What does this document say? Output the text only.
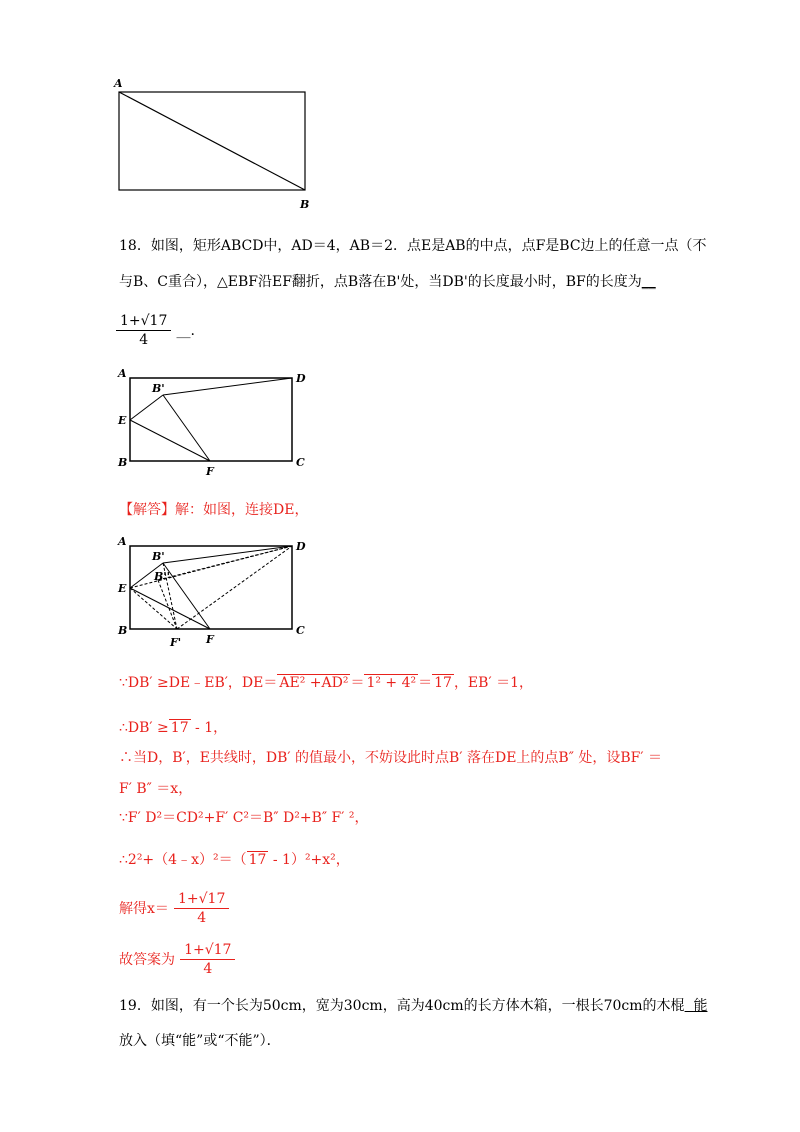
A
B
18．如图，矩形ABCD中，AD＝4，AB＝2．点E是AB的中点，点F是BC边上的任意一点（不
与B、C重合），△EBF沿EF翻折，点B落在B'处，当DB'的长度最小时，BF的长度为__
$\frac{1+√17}{4}$ __.
A
B'
D
E
B
F
C
【解答】解：如图，连接DE，
A
B'
B''
D
E
B
F' F
C
∵DB′ ≥DE﹣EB′，DE＝ AE² +AD² ＝ 1² + 4² ＝ 17 ，EB′ ＝1，
∴DB′ ≥ 17 - 1，
∴当D，B′，E共线时，DB′ 的值最小，不妨设此时点B′ 落在DE上的点B″ 处，设BF′ ＝
F′ B″ ＝x，
∵F′ D²＝CD²+F′ C²＝B″ D²+B″ F′ ²，
∴2²+（4﹣x）²＝（ 17 - 1）²+x²，
解得$x= \frac{1+√17}{4}$
故答案为 $\frac{1+√17}{4}$
19．如图，有一个长为50cm，宽为30cm，高为40cm的长方体木箱，一根长70cm的木棍 能
放入（填“能”或“不能”）．
